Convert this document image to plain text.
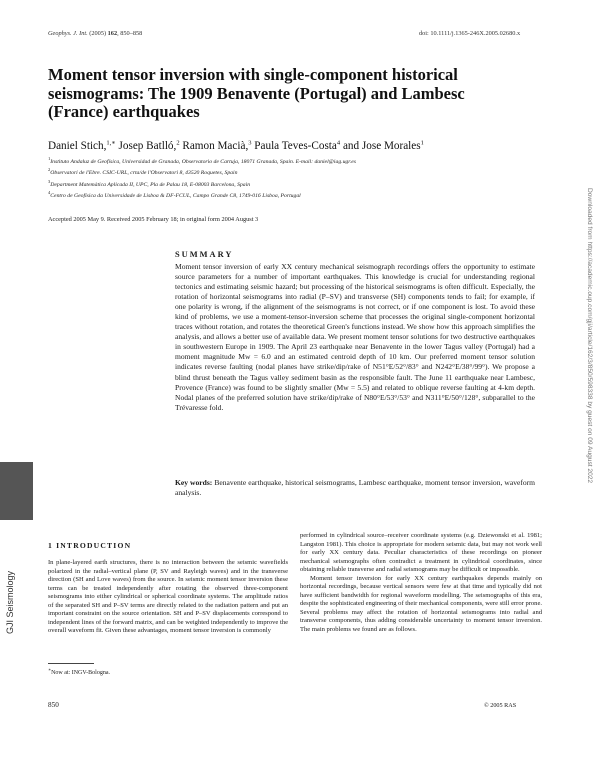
Geophys. J. Int. (2005) 162, 850–858	doi: 10.1111/j.1365-246X.2005.02680.x
Moment tensor inversion with single-component historical seismograms: The 1909 Benavente (Portugal) and Lambesc (France) earthquakes
Daniel Stich,$^{1,∗}$ Josep Batlló,$^2$ Ramon Macià,$^3$ Paula Teves-Costa$^4$ and Jose Morales$^1$
$^1$Instituto Andaluz de Geofísica, Universidad de Granada, Observatorio de Cartuja, 18071 Granada, Spain. E-mail: daniel@iag.ugr.es
$^2$Observatori de l'Ebre. CSIC-URL, crta/de l'Observatori 8, 43520 Roquetes, Spain
$^3$Department Matemàtica Aplicada II, UPC, Pla de Palau 18, E-08003 Barcelona, Spain
$^4$Centro de Geofísica da Universidade de Lisboa & DF-FCUL, Campo Grande C8, 1749-016 Lisboa, Portugal
Accepted 2005 May 9. Received 2005 February 18; in original form 2004 August 3
SUMMARY

Moment tensor inversion of early XX century mechanical seismograph recordings offers the opportunity to estimate source parameters for a number of important earthquakes. This knowledge is crucial for understanding regional tectonics and estimating seismic hazard; but processing of the historical seismograms is often difficult. Especially, the rotation of horizontal seismograms into radial (P–SV) and transverse (SH) components tends to fail; for example, if one polarity is wrong, if the alignment of the seismograms is not correct, or if one component is lost. To avoid these kind of problems, we use a moment-tensor-inversion scheme that processes the original single-component horizontal traces without rotation, and rotates the theoretical Green's functions instead. We show how this approach simplifies the analysis, and allows a better use of available data. We present moment tensor solutions for two destructive earthquakes in southwestern Europe in 1909. The April 23 earthquake near Benavente in the lower Tagus valley (Portugal) had a moment magnitude Mw = 6.0 and an estimated centroid depth of 10 km. Our preferred moment tensor solution indicates reverse faulting (nodal planes have strike/dip/rake of N51°E/52°/83° and N242°E/38°/99°). We propose a blind thrust beneath the Tagus valley sediment basin as the responsible fault. The June 11 earthquake near Lambesc, Provence (France) was found to be slightly smaller (Mw = 5.5) and related to oblique reverse faulting at 4-km depth. Nodal planes of the preferred solution have strike/dip/rake of N80°E/53°/53° and N311°E/50°/128°, subparallel to the Trévaresse fold.

Key words: Benavente earthquake, historical seismograms, Lambesc earthquake, moment tensor inversion, waveform analysis.
1 INTRODUCTION

In plane-layered earth structures, there is no interaction between the seismic wavefields polarized in the radial–vertical plane (P, SV and Rayleigh waves) and in the transverse direction (SH and Love waves) from the source. In seismic moment tensor inversion these terms can be treated independently after rotating the observed three-component seismograms into either cylindrical or spherical coordinate systems. The amplitude ratios of the separated SH and P–SV terms are directly related to the radiation pattern and put an important constraint on the source orientation. SH and P–SV displacements correspond to independent lines of the forward matrix, and can be weighted independently to improve the overall waveform fit. Given these advantages, moment tensor inversion is commonly

performed in cylindrical source–receiver coordinate systems (e.g. Dziewonski et al. 1981; Langston 1981). This choice is appropriate for modern seismic data, but may not work well for early XX century data. Peculiar characteristics of these recordings on pioneer mechanical seismographs often contradict a treatment in cylindrical coordinates, since obtaining reliable transverse and radial seismograms may be difficult or impossible.

Moment tensor inversion for early XX century earthquakes depends mainly on horizontal recordings, because vertical sensors were few at that time and typically did not have sufficient bandwidth for regional waveform modelling. The seismographs of this era, despite the sophisticated engineering of their mechanical components, were still error prone. Several problems may affect the rotation of horizontal seismograms into radial and transverse components, thus adding considerable uncertainty to moment tensor inversion. The main problems we found are as follows.

∗Now at: INGV-Bologna.
850	© 2005 RAS
GJI Seismology
Downloaded from https://academic.oup.com/gji/article/162/3/850/598338 by guest on 09 August 2022
